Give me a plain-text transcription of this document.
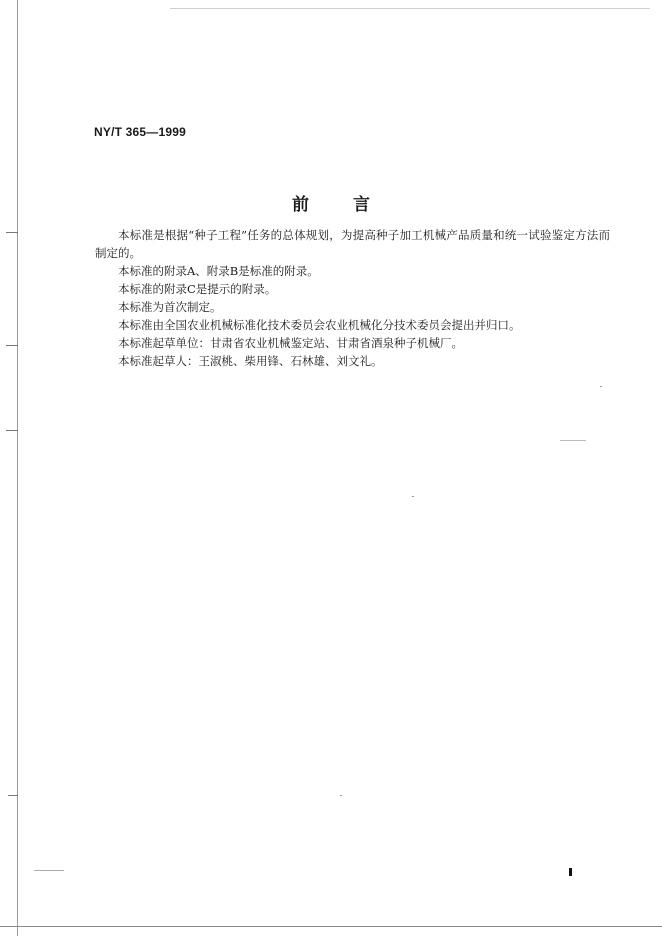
NY/T 365—1999
前言

本标准是根据“种子工程”任务的总体规划，为提高种子加工机械产品质量和统一试验鉴定方法而制定的。

本标准的附录A、附录B是标准的附录。

本标准的附录C是提示的附录。

本标准为首次制定。

本标准由全国农业机械标准化技术委员会农业机械化分技术委员会提出并归口。

本标准起草单位：甘肃省农业机械鉴定站、甘肃省酒泉种子机械厂。

本标准起草人：王淑桃、柴用锋、石林雄、刘文礼。
